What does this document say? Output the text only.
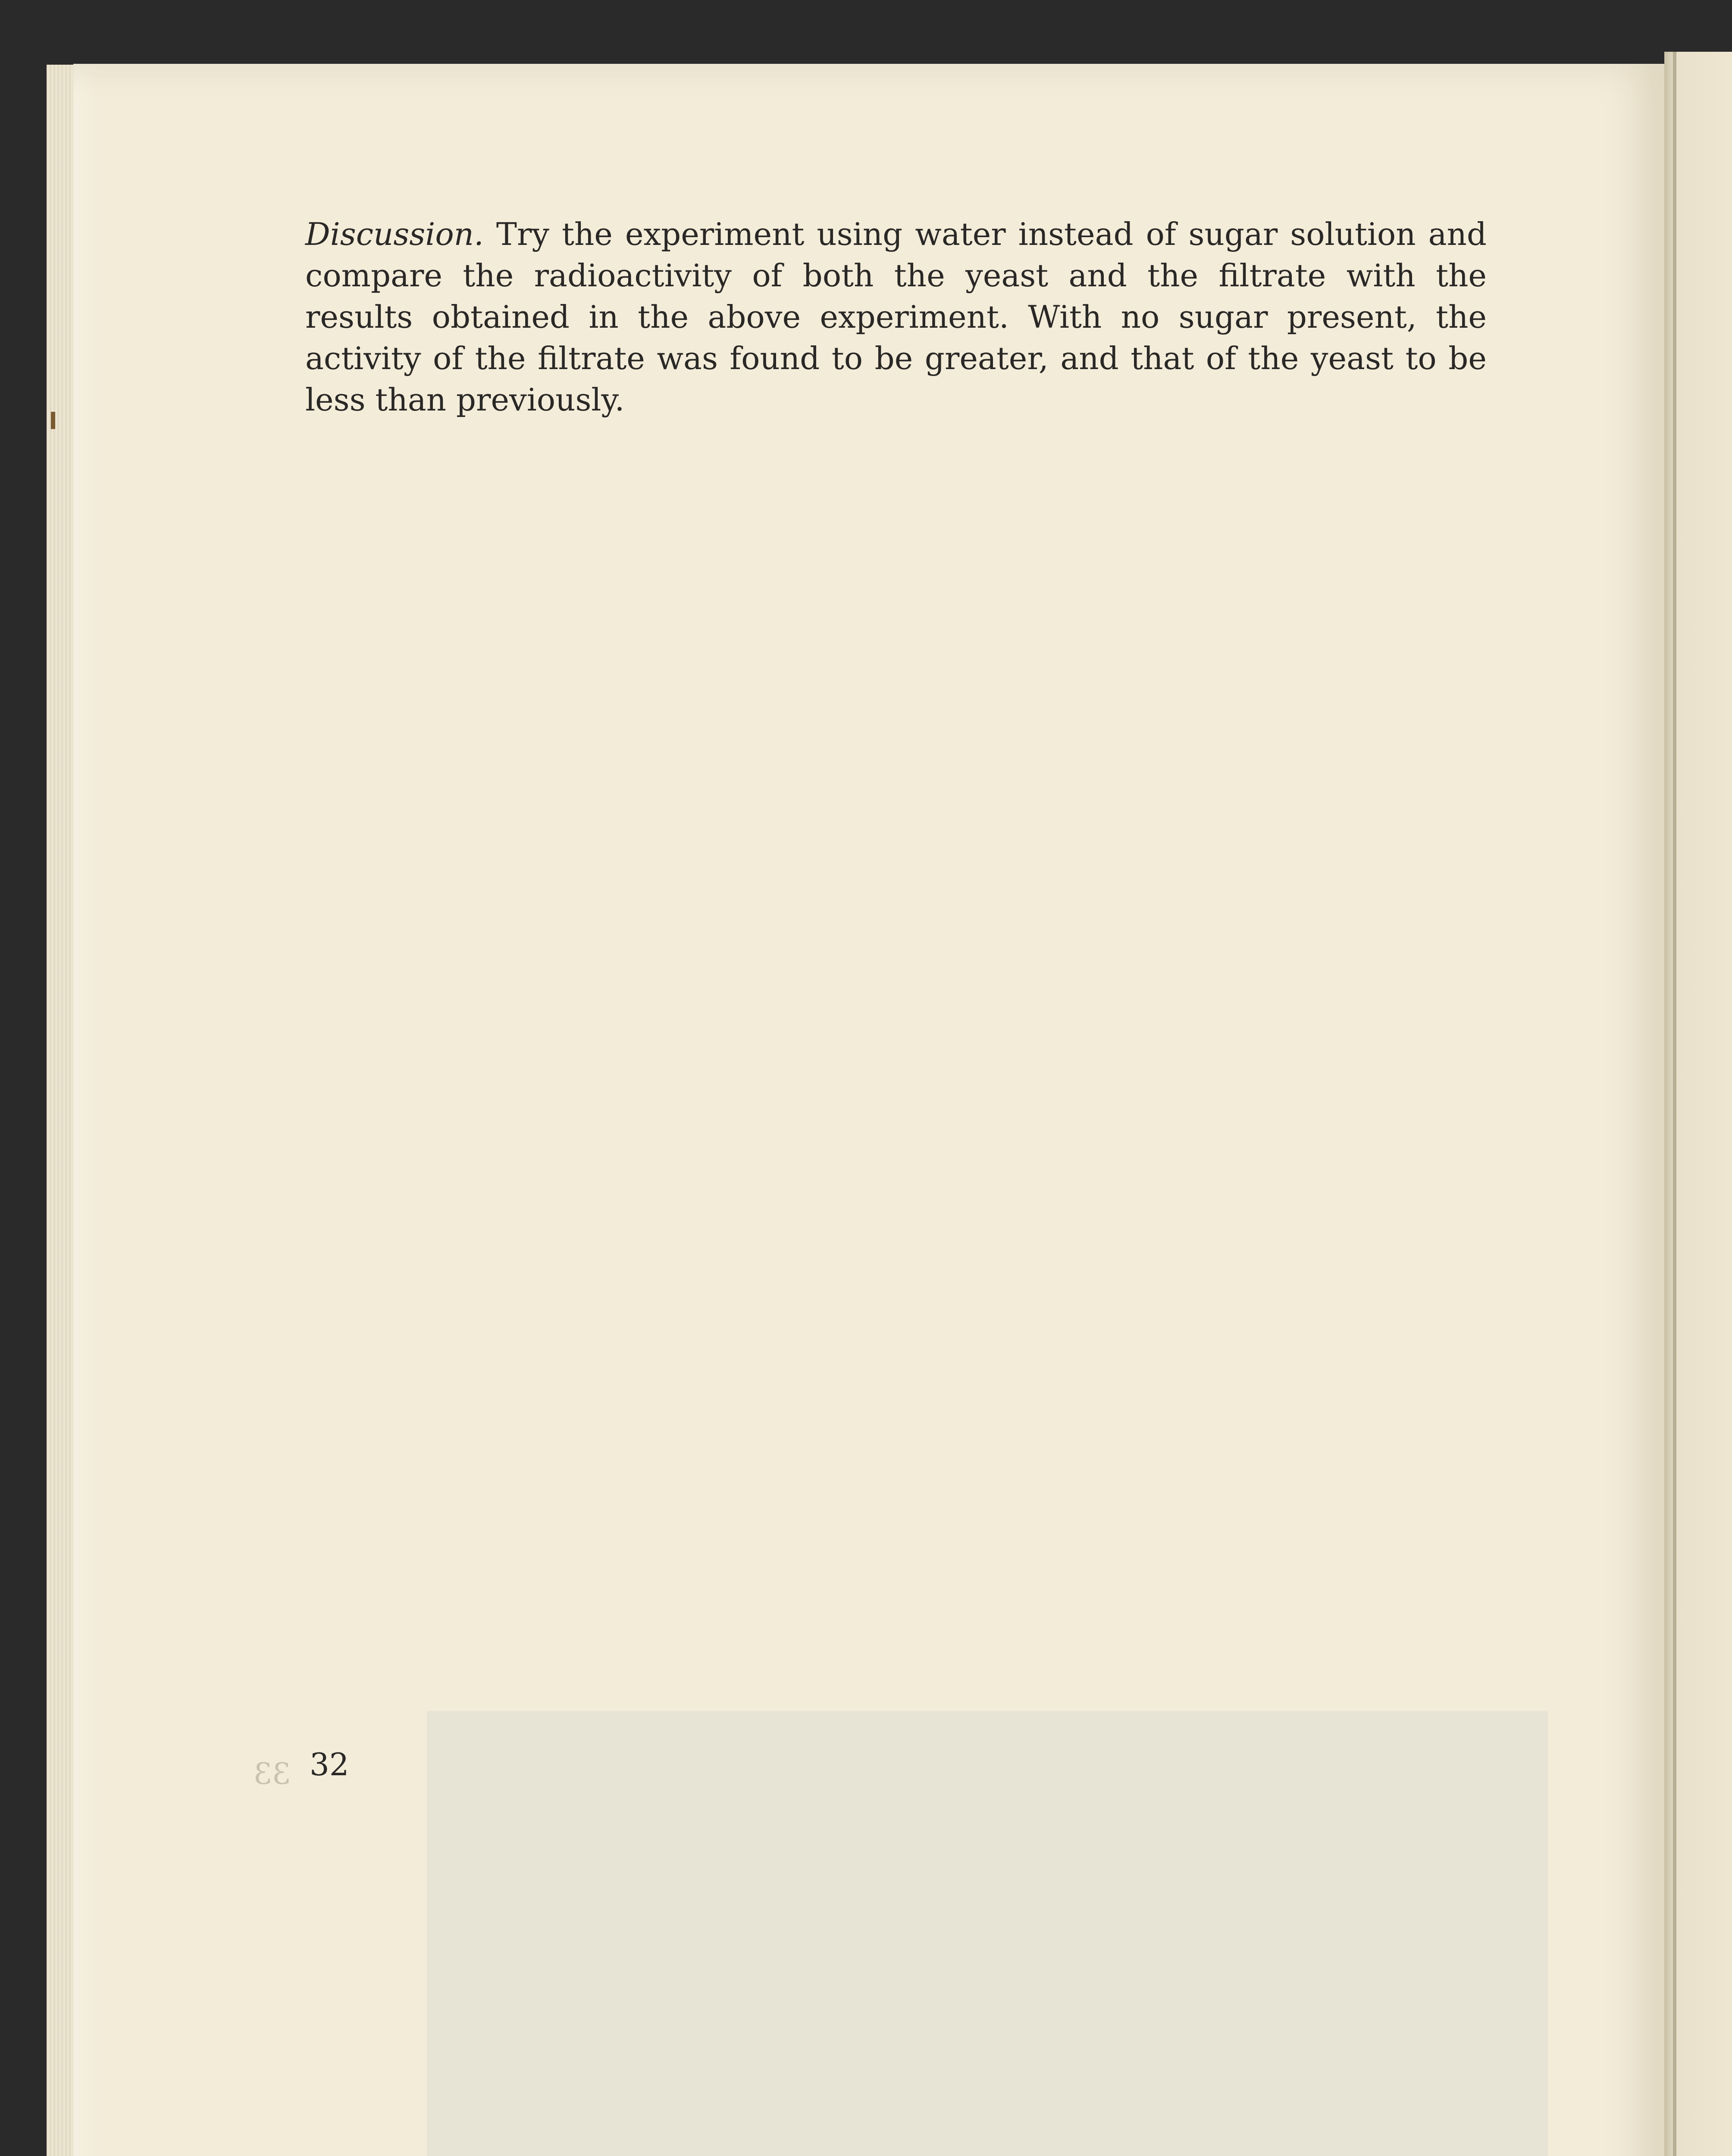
Discussion. Try the experiment using water instead of sugar solution and compare the radioactivity of both the yeast and the filtrate with the results obtained in the above experiment. With no sugar present, the activity of the filtrate was found to be greater, and that of the yeast to be less than previously.
33 32
